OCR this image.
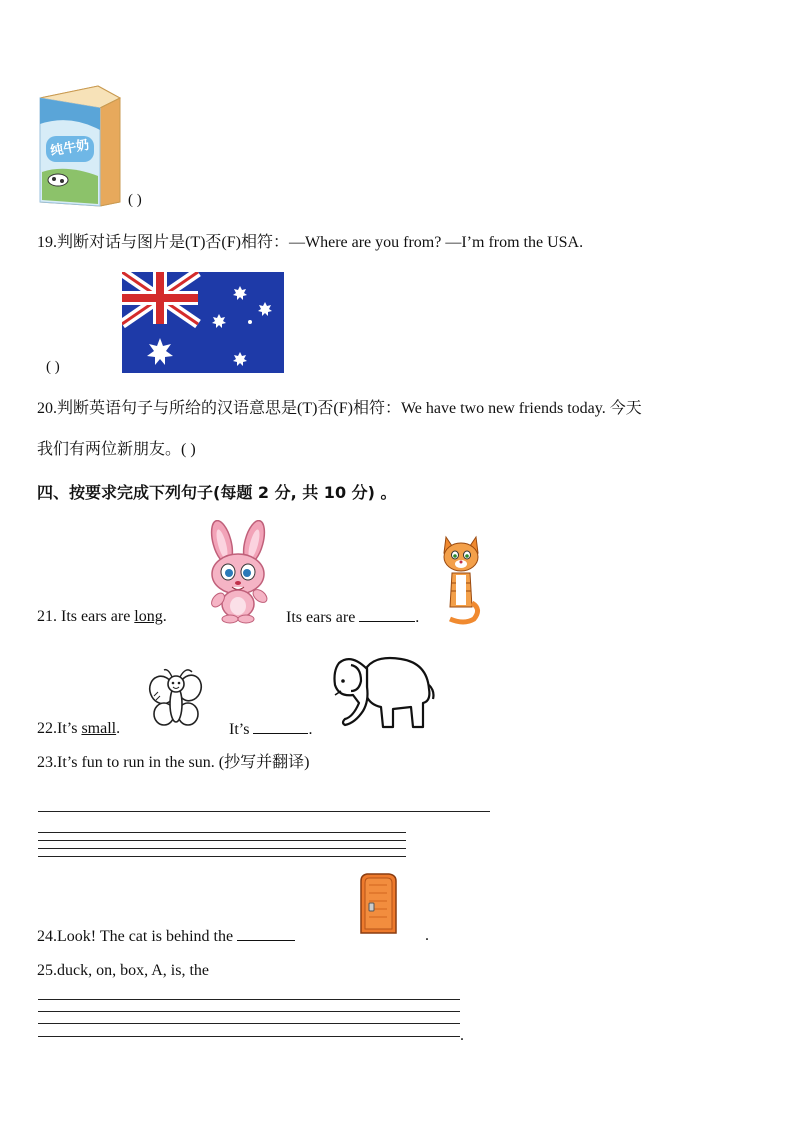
纯牛奶
( )
19.判断对话与图片是(T)否(F)相符：—Where are you from? —I’m from the USA.
( )
20.判断英语句子与所给的汉语意思是(T)否(F)相符：We have two new friends today. 今天
我们有两位新朋友。( )
四、按要求完成下列句子(每题 2 分, 共 10 分) 。
21. Its ears are long.	Its ears are	.
22.It’s small.	It’s	.
23.It’s fun to run in the sun. (抄写并翻译)
24.Look! The cat is behind the	.
25.duck, on, box, A, is, the
.
